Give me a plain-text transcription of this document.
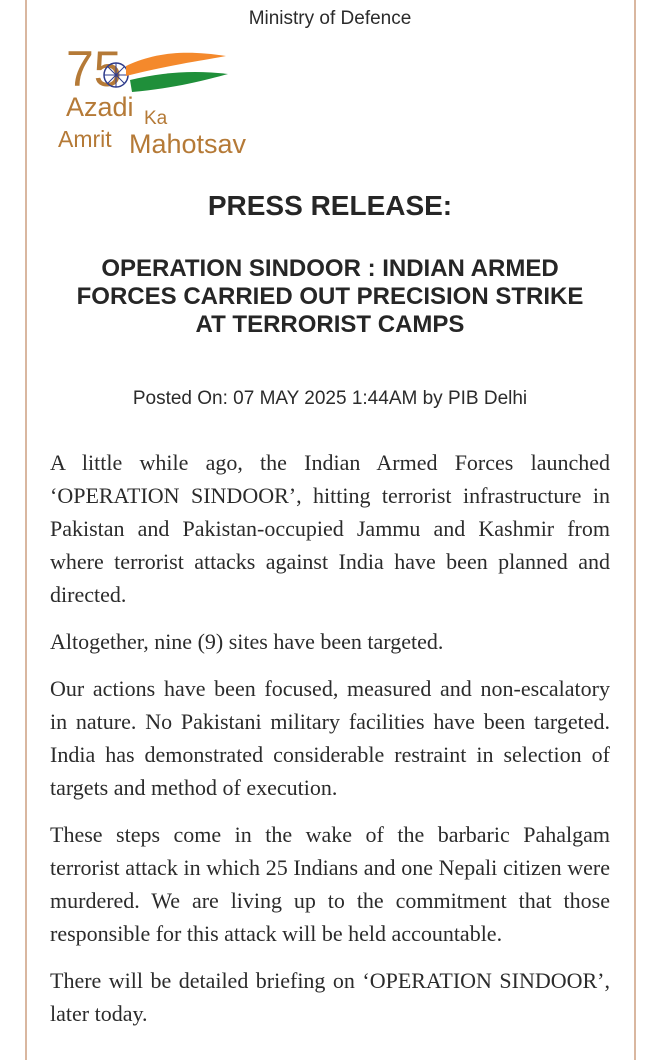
Ministry of Defence
75
Azadi Ka
Amrit Mahotsav
PRESS RELEASE:
OPERATION SINDOOR : INDIAN ARMED FORCES CARRIED OUT PRECISION STRIKE AT TERRORIST CAMPS
Posted On: 07 MAY 2025 1:44AM by PIB Delhi

A little while ago, the Indian Armed Forces launched ‘OPERATION SINDOOR’, hitting terrorist infrastructure in Pakistan and Pakistan-occupied Jammu and Kashmir from where terrorist attacks against India have been planned and directed.

Altogether, nine (9) sites have been targeted.

Our actions have been focused, measured and non-escalatory in nature. No Pakistani military facilities have been targeted. India has demonstrated considerable restraint in selection of targets and method of execution.

These steps come in the wake of the barbaric Pahalgam terrorist attack in which 25 Indians and one Nepali citizen were murdered. We are living up to the commitment that those responsible for this attack will be held accountable.

There will be detailed briefing on ‘OPERATION SINDOOR’, later today.
